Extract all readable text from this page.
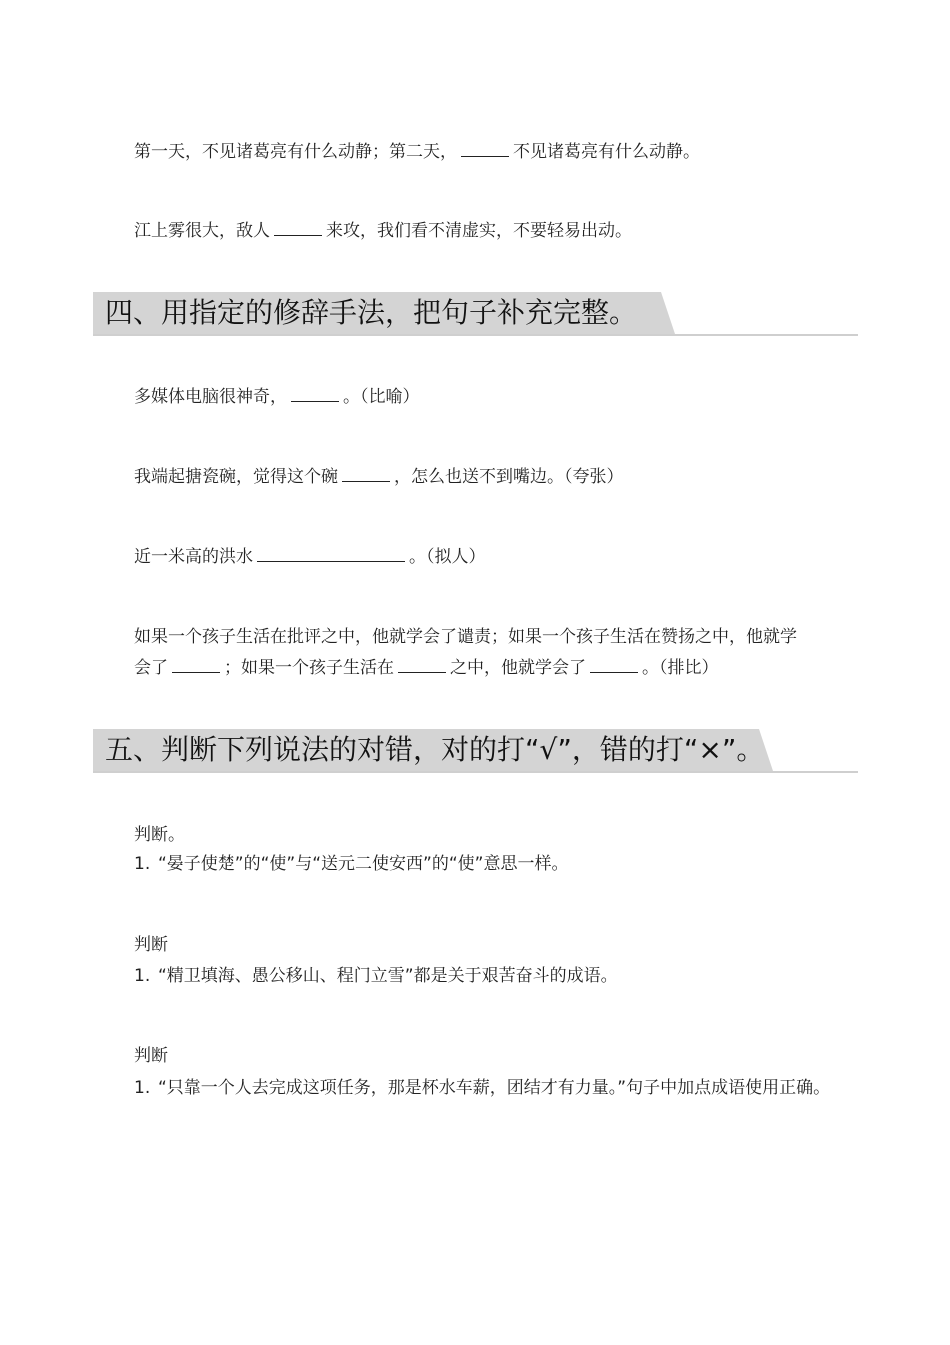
第一天，不见诸葛亮有什么动静；第二天，	不见诸葛亮有什么动静。
江上雾很大，敌人	来攻，我们看不清虚实，不要轻易出动。
四、用指定的修辞手法，把句子补充完整。
多媒体电脑很神奇，	。（比喻）
我端起搪瓷碗，觉得这个碗	，怎么也送不到嘴边。（夸张）
近一米高的洪水	。（拟人）
如果一个孩子生活在批评之中，他就学会了谴责；如果一个孩子生活在赞扬之中，他就学
会了	；如果一个孩子生活在	之中，他就学会了	。（排比）
五、判断下列说法的对错，对的打“√”，错的打“×”。
判断。
1. “晏子使楚”的“使”与“送元二使安西”的“使”意思一样。
判断
1. “精卫填海、愚公移山、程门立雪”都是关于艰苦奋斗的成语。
判断
1. “只靠一个人去完成这项任务，那是杯水车薪，团结才有力量。”句子中加点成语使用正确。
